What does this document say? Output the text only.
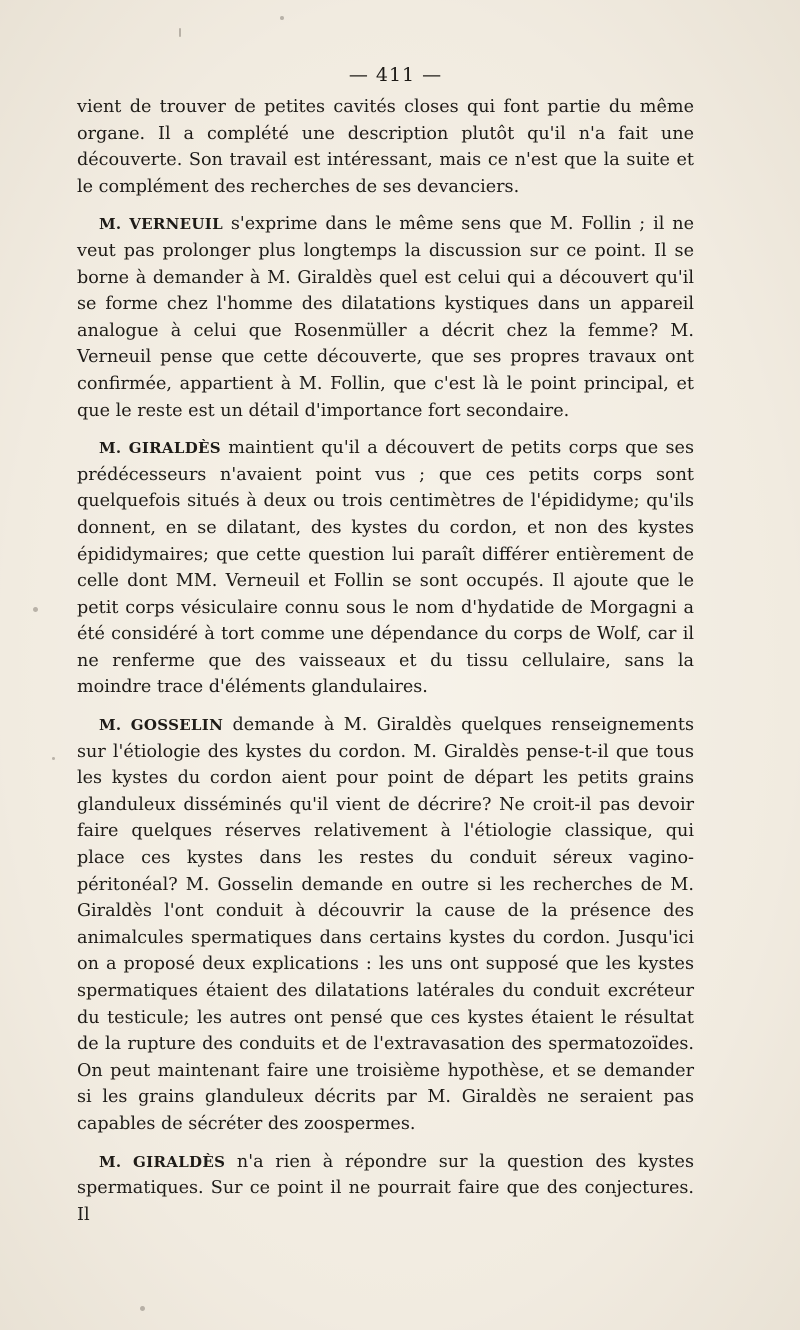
— 411 —

vient de trouver de petites cavités closes qui font partie du même organe. Il a complété une description plutôt qu'il n'a fait une découverte. Son travail est intéressant, mais ce n'est que la suite et le complément des recherches de ses devanciers.

M. VERNEUIL s'exprime dans le même sens que M. Follin ; il ne veut pas prolonger plus longtemps la discussion sur ce point. Il se borne à demander à M. Giraldès quel est celui qui a découvert qu'il se forme chez l'homme des dilatations kystiques dans un appareil analogue à celui que Rosenmüller a décrit chez la femme? M. Verneuil pense que cette découverte, que ses propres travaux ont confirmée, appartient à M. Follin, que c'est là le point principal, et que le reste est un détail d'importance fort secondaire.

M. GIRALDÈS maintient qu'il a découvert de petits corps que ses prédécesseurs n'avaient point vus ; que ces petits corps sont quelquefois situés à deux ou trois centimètres de l'épididyme; qu'ils donnent, en se dilatant, des kystes du cordon, et non des kystes épididymaires; que cette question lui paraît différer entièrement de celle dont MM. Verneuil et Follin se sont occupés. Il ajoute que le petit corps vésiculaire connu sous le nom d'hydatide de Morgagni a été considéré à tort comme une dépendance du corps de Wolf, car il ne renferme que des vaisseaux et du tissu cellulaire, sans la moindre trace d'éléments glandulaires.

M. GOSSELIN demande à M. Giraldès quelques renseignements sur l'étiologie des kystes du cordon. M. Giraldès pense-t-il que tous les kystes du cordon aient pour point de départ les petits grains glanduleux disséminés qu'il vient de décrire? Ne croit-il pas devoir faire quelques réserves relativement à l'étiologie classique, qui place ces kystes dans les restes du conduit séreux vagino-péritonéal? M. Gosselin demande en outre si les recherches de M. Giraldès l'ont conduit à découvrir la cause de la présence des animalcules spermatiques dans certains kystes du cordon. Jusqu'ici on a proposé deux explications : les uns ont supposé que les kystes spermatiques étaient des dilatations latérales du conduit excréteur du testicule; les autres ont pensé que ces kystes étaient le résultat de la rupture des conduits et de l'extravasation des spermatozoïdes. On peut maintenant faire une troisième hypothèse, et se demander si les grains glanduleux décrits par M. Giraldès ne seraient pas capables de sécréter des zoospermes.

M. GIRALDÈS n'a rien à répondre sur la question des kystes spermatiques. Sur ce point il ne pourrait faire que des conjectures. Il
